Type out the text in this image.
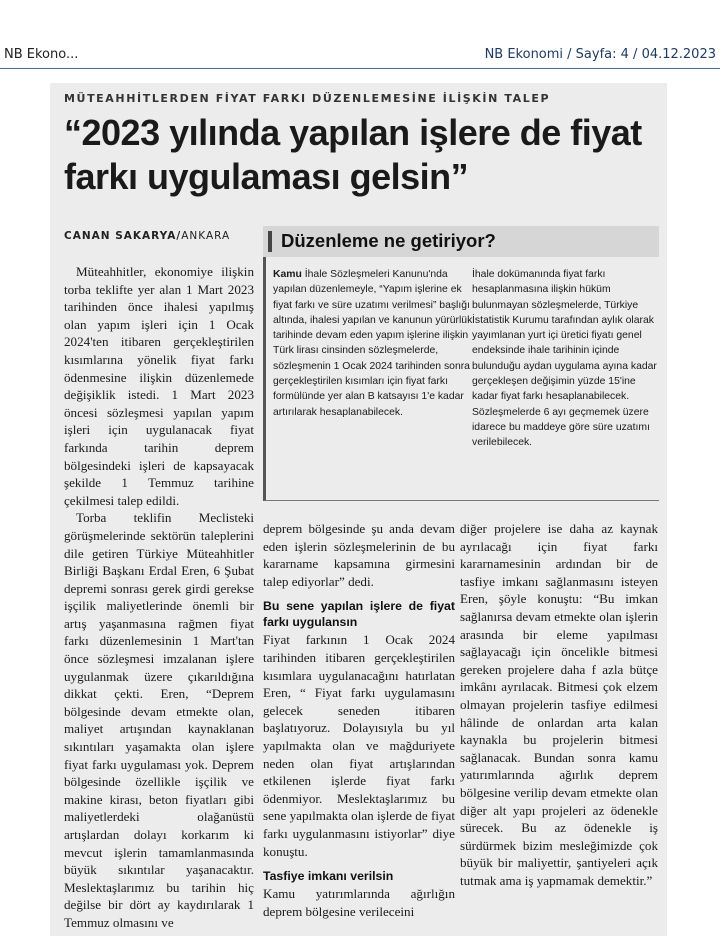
NB Ekono...	NB Ekonomi / Sayfa: 4 / 04.12.2023
MÜTEAHHİTLERDEN FİYAT FARKI DÜZENLEMESİNE İLİŞKİN TALEP
“2023 yılında yapılan işlere de fiyat farkı uygulaması gelsin”
CANAN SAKARYA/ANKARA	Düzenleme ne getiriyor?
Kamu İhale Sözleşmeleri Kanunu'nda yapılan düzenlemeyle, “Yapım işlerine ek fiyat farkı ve süre uzatımı verilmesi” başlığı altında, ihalesi yapılan ve kanunun yürürlük tarihinde devam eden yapım işlerine ilişkin Türk lirası cinsinden sözleşmelerde, sözleşmenin 1 Ocak 2024 tarihinden sonra gerçekleştirilen kısımları için fiyat farkı formülünde yer alan B katsayısı 1'e kadar artırılarak hesaplanabilecek.
İhale dokümanında fiyat farkı hesaplanmasına ilişkin hüküm bulunmayan sözleşmelerde, Türkiye İstatistik Kurumu tarafından aylık olarak yayımlanan yurt içi üretici fiyatı genel endeksinde ihale tarihinin içinde bulunduğu aydan uygulama ayına kadar gerçekleşen değişimin yüzde 15'ine kadar fiyat farkı hesaplanabilecek. Sözleşmelerde 6 ayı geçmemek üzere idarece bu maddeye göre süre uzatımı verilebilecek.

Müteahhitler, ekonomiye ilişkin torba teklifte yer alan 1 Mart 2023 tarihinden önce ihalesi yapılmış olan yapım işleri için 1 Ocak 2024'ten itibaren gerçekleştirilen kısımlarına yönelik fiyat farkı ödenmesine ilişkin düzenlemede değişiklik istedi. 1 Mart 2023 öncesi sözleşmesi yapılan yapım işleri için uygulanacak fiyat farkında tarihin deprem bölgesindeki işleri de kapsayacak şekilde 1 Temmuz tarihine çekilmesi talep edildi.

Torba teklifin Meclisteki görüşmelerinde sektörün taleplerini dile getiren Türkiye Müteahhitler Birliği Başkanı Erdal Eren, 6 Şubat depremi sonrası gerek girdi gerekse işçilik maliyetlerinde önemli bir artış yaşanmasına rağmen fiyat farkı düzenlemesinin 1 Mart'tan önce sözleşmesi imzalanan işlere uygulanmak üzere çıkarıldığına dikkat çekti. Eren, “Deprem bölgesinde devam etmekte olan, maliyet artışından kaynaklanan sıkıntıları yaşamakta olan işlere fiyat farkı uygulaması yok. Deprem bölgesinde özellikle işçilik ve makine kirası, beton fiyatları gibi maliyetlerdeki olağanüstü artışlardan dolayı korkarım ki mevcut işlerin tamamlanmasında büyük sıkıntılar yaşanacaktır. Meslektaşlarımız bu tarihin hiç değilse bir dört ay kaydırılarak 1 Temmuz olmasını ve

deprem bölgesinde şu anda devam eden işlerin sözleşmelerinin de bu kararname kapsamına girmesini talep ediyorlar” dedi.

Bu sene yapılan işlere de fiyat farkı uygulansın

Fiyat farkının 1 Ocak 2024 tarihinden itibaren gerçekleştirilen kısımlara uygulanacağını hatırlatan Eren, “ Fiyat farkı uygulamasını gelecek seneden itibaren başlatıyoruz. Dolayısıyla bu yıl yapılmakta olan ve mağduriyete neden olan fiyat artışlarından etkilenen işlerde fiyat farkı ödenmiyor. Meslektaşlarımız bu sene yapılmakta olan işlerde de fiyat farkı uygulanmasını istiyorlar” diye konuştu.

Tasfiye imkanı verilsin

Kamu yatırımlarında ağırlığın deprem bölgesine verileceini

diğer projelere ise daha az kaynak ayrılacağı için fiyat farkı kararnamesinin ardından bir de tasfiye imkanı sağlanmasını isteyen Eren, şöyle konuştu: “Bu imkan sağlanırsa devam etmekte olan işlerin arasında bir eleme yapılması sağlayacağı için öncelikle bitmesi gereken projelere daha f azla bütçe imkânı ayrılacak. Bitmesi çok elzem olmayan projelerin tasfiye edilmesi hâlinde de onlardan arta kalan kaynakla bu projelerin bitmesi sağlanacak. Bundan sonra kamu yatırımlarında ağırlık deprem bölgesine verilip devam etmekte olan diğer alt yapı projeleri az ödenekle sürecek. Bu az ödenekle iş sürdürmek bizim mesleğimizde çok büyük bir maliyettir, şantiyeleri açık tutmak ama iş yapmamak demektir.”
